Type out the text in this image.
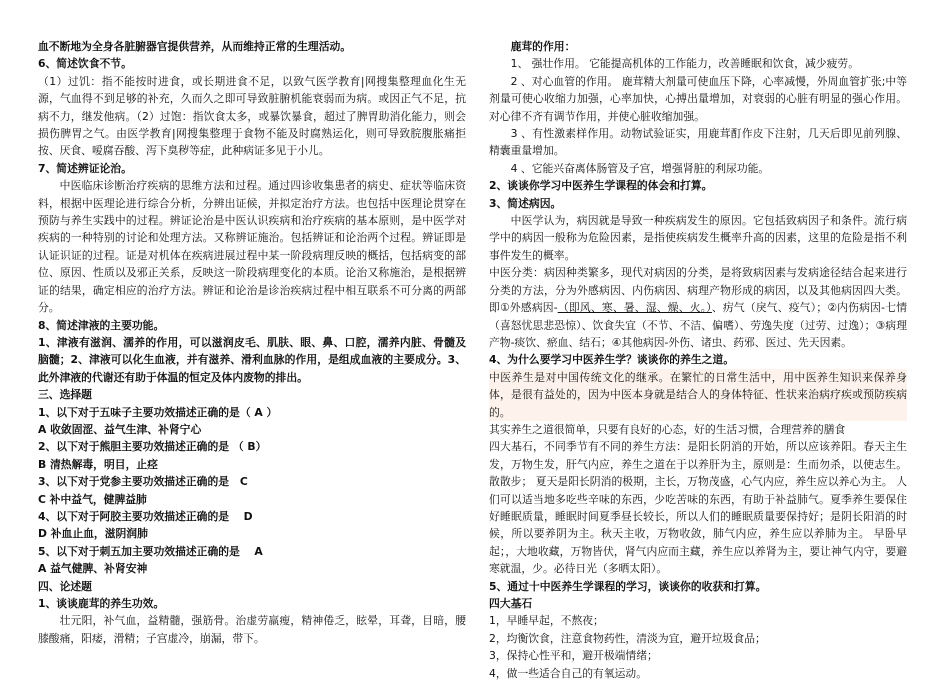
血不断地为全身各脏腑器官提供营养，从而维持正常的生理活动。

6、简述饮食不节。

（1）过饥：指不能按时进食，或长期进食不足，以致气医学教育|网搜集整理血化生无源，气血得不到足够的补充，久而久之即可导致脏腑机能衰弱而为病。或因正气不足，抗病不力，继发他病。（2）过饱：指饮食太多，或暴饮暴食，超过了脾胃助消化能力，则会损伤脾胃之气。由医学教育|网搜集整理于食物不能及时腐熟运化，则可导致脘腹胀痛拒按、厌食、嗳腐吞酸、泻下臭秽等症，此种病证多见于小儿。

7、简述辨证论治。

中医临床诊断治疗疾病的思维方法和过程。通过四诊收集患者的病史、症状等临床资料，根据中医理论进行综合分析，分辨出证候，并拟定治疗方法。也包括中医理论贯穿在预防与养生实践中的过程。辨证论治是中医认识疾病和治疗疾病的基本原则，是中医学对疾病的一种特别的讨论和处理方法。又称辨证施治。包括辨证和论治两个过程。辨证即是认证识证的过程。证是对机体在疾病进展过程中某一阶段病理反映的概括，包括病变的部位、原因、性质以及邪正关系，反映这一阶段病理变化的本质。论治又称施治，是根据辨证的结果，确定相应的治疗方法。辨证和论治是诊治疾病过程中相互联系不可分离的两部分。

8、简述津液的主要功能。

1、津液有滋润、濡养的作用，可以滋润皮毛、肌肤、眼、鼻、口腔，濡养内脏、骨髓及脑髓；2、津液可以化生血液，并有滋养、滑利血脉的作用，是组成血液的主要成分。3、此外津液的代谢还有助于体温的恒定及体内废物的排出。

三、选择题

1、以下对于五味子主要功效描述正确的是（ A ）

A 收敛固涩、益气生津、补肾宁心

2、以下对于熊胆主要功效描述正确的是 （ B）

B 清热解毒，明目，止痉

3、以下对于党参主要功效描述正确的是　C

C 补中益气，健脾益肺

4、以下对于阿胶主要功效描述正确的是　 D

D 补血止血，滋阴润肺

5、以下对于刺五加主要功效描述正确的是　 A

A 益气健脾、补肾安神

四、论述题

1、谈谈鹿茸的养生功效。

壮元阳，补气血，益精髓，强筋骨。治虚劳羸瘦，精神倦乏，眩晕，耳聋，目暗，腰膝酸痛，阳痿，滑精；子宫虚冷，崩漏，带下。

鹿茸的作用：

1、 强壮作用。 它能提高机体的工作能力，改善睡眠和饮食，减少疲劳。

2 、对心血管的作用。 鹿茸精大剂量可使血压下降，心率减慢，外周血管扩张;中等剂量可使心收缩力加强，心率加快，心搏出量增加，对衰弱的心脏有明显的强心作用。对心律不齐有调节作用，并使心脏收缩加强。

3 、有性激素样作用。动物试验证实，用鹿茸酊作皮下注射，几天后即见前列腺、精囊重量增加。

4 、它能兴奋离体肠管及子宫，增强肾脏的利尿功能。

2、谈谈你学习中医养生学课程的体会和打算。

3、简述病因。

中医学认为，病因就是导致一种疾病发生的原因。它包括致病因子和条件。流行病学中的病因一般称为危险因素，是指使疾病发生概率升高的因素，这里的危险是指不利事件发生的概率。

中医分类：病因种类繁多，现代对病因的分类，是将致病因素与发病途径结合起来进行分类的方法，分为外感病因、内伤病因、病理产物形成的病因，以及其他病因四大类。即①外感病因-（即风、寒、暑、湿、燥、火。）、疠气（戾气、疫气）；②内伤病因-七情（喜怒忧思悲恐惊）、饮食失宜（不节、不洁、偏嗜）、劳逸失度（过劳、过逸）；③病理产物-痰饮、瘀血、结石；④其他病因-外伤、诸虫、药邪、医过、先天因素。

4、为什么要学习中医养生学？谈谈你的养生之道。

中医养生是对中国传统文化的继承。在繁忙的日常生活中，用中医养生知识来保养身体，是很有益处的，因为中医本身就是结合人的身体特征、性状来治病疗疾或预防疾病的。

其实养生之道很简单，只要有良好的心态，好的生活习惯，合理营养的膳食

四大基石，不同季节有不同的养生方法：是阳长阴消的开始，所以应该养阳。春天主生发，万物生发，肝气内应，养生之道在于以养肝为主，原则是：生而勿杀，以使志生。散散步； 夏天是阳长阴消的极期，主长，万物茂盛，心气内应，养生应以养心为主。 人们可以适当地多吃些辛味的东西，少吃苦味的东西，有助于补益肺气。夏季养生要保住好睡眠质量，睡眠时间夏季昼长较长，所以人们的睡眠质量要保持好；是阴长阳消的时候，所以要养阴为主。秋天主收，万物收敛，肺气内应，养生应以养肺为主。 早卧早起；，大地收藏，万物皆伏，肾气内应而主藏，养生应以养肾为主，要让神气内守，要避寒就温，少。必待日光（多晒太阳）。

5、通过十中医养生学课程的学习，谈谈你的收获和打算。

四大基石

1，早睡早起，不熬夜；

2，均衡饮食，注意食物药性，清淡为宜，避开垃圾食品；

3，保持心性平和，避开极端情绪；

4，做一些适合自己的有氧运动。
